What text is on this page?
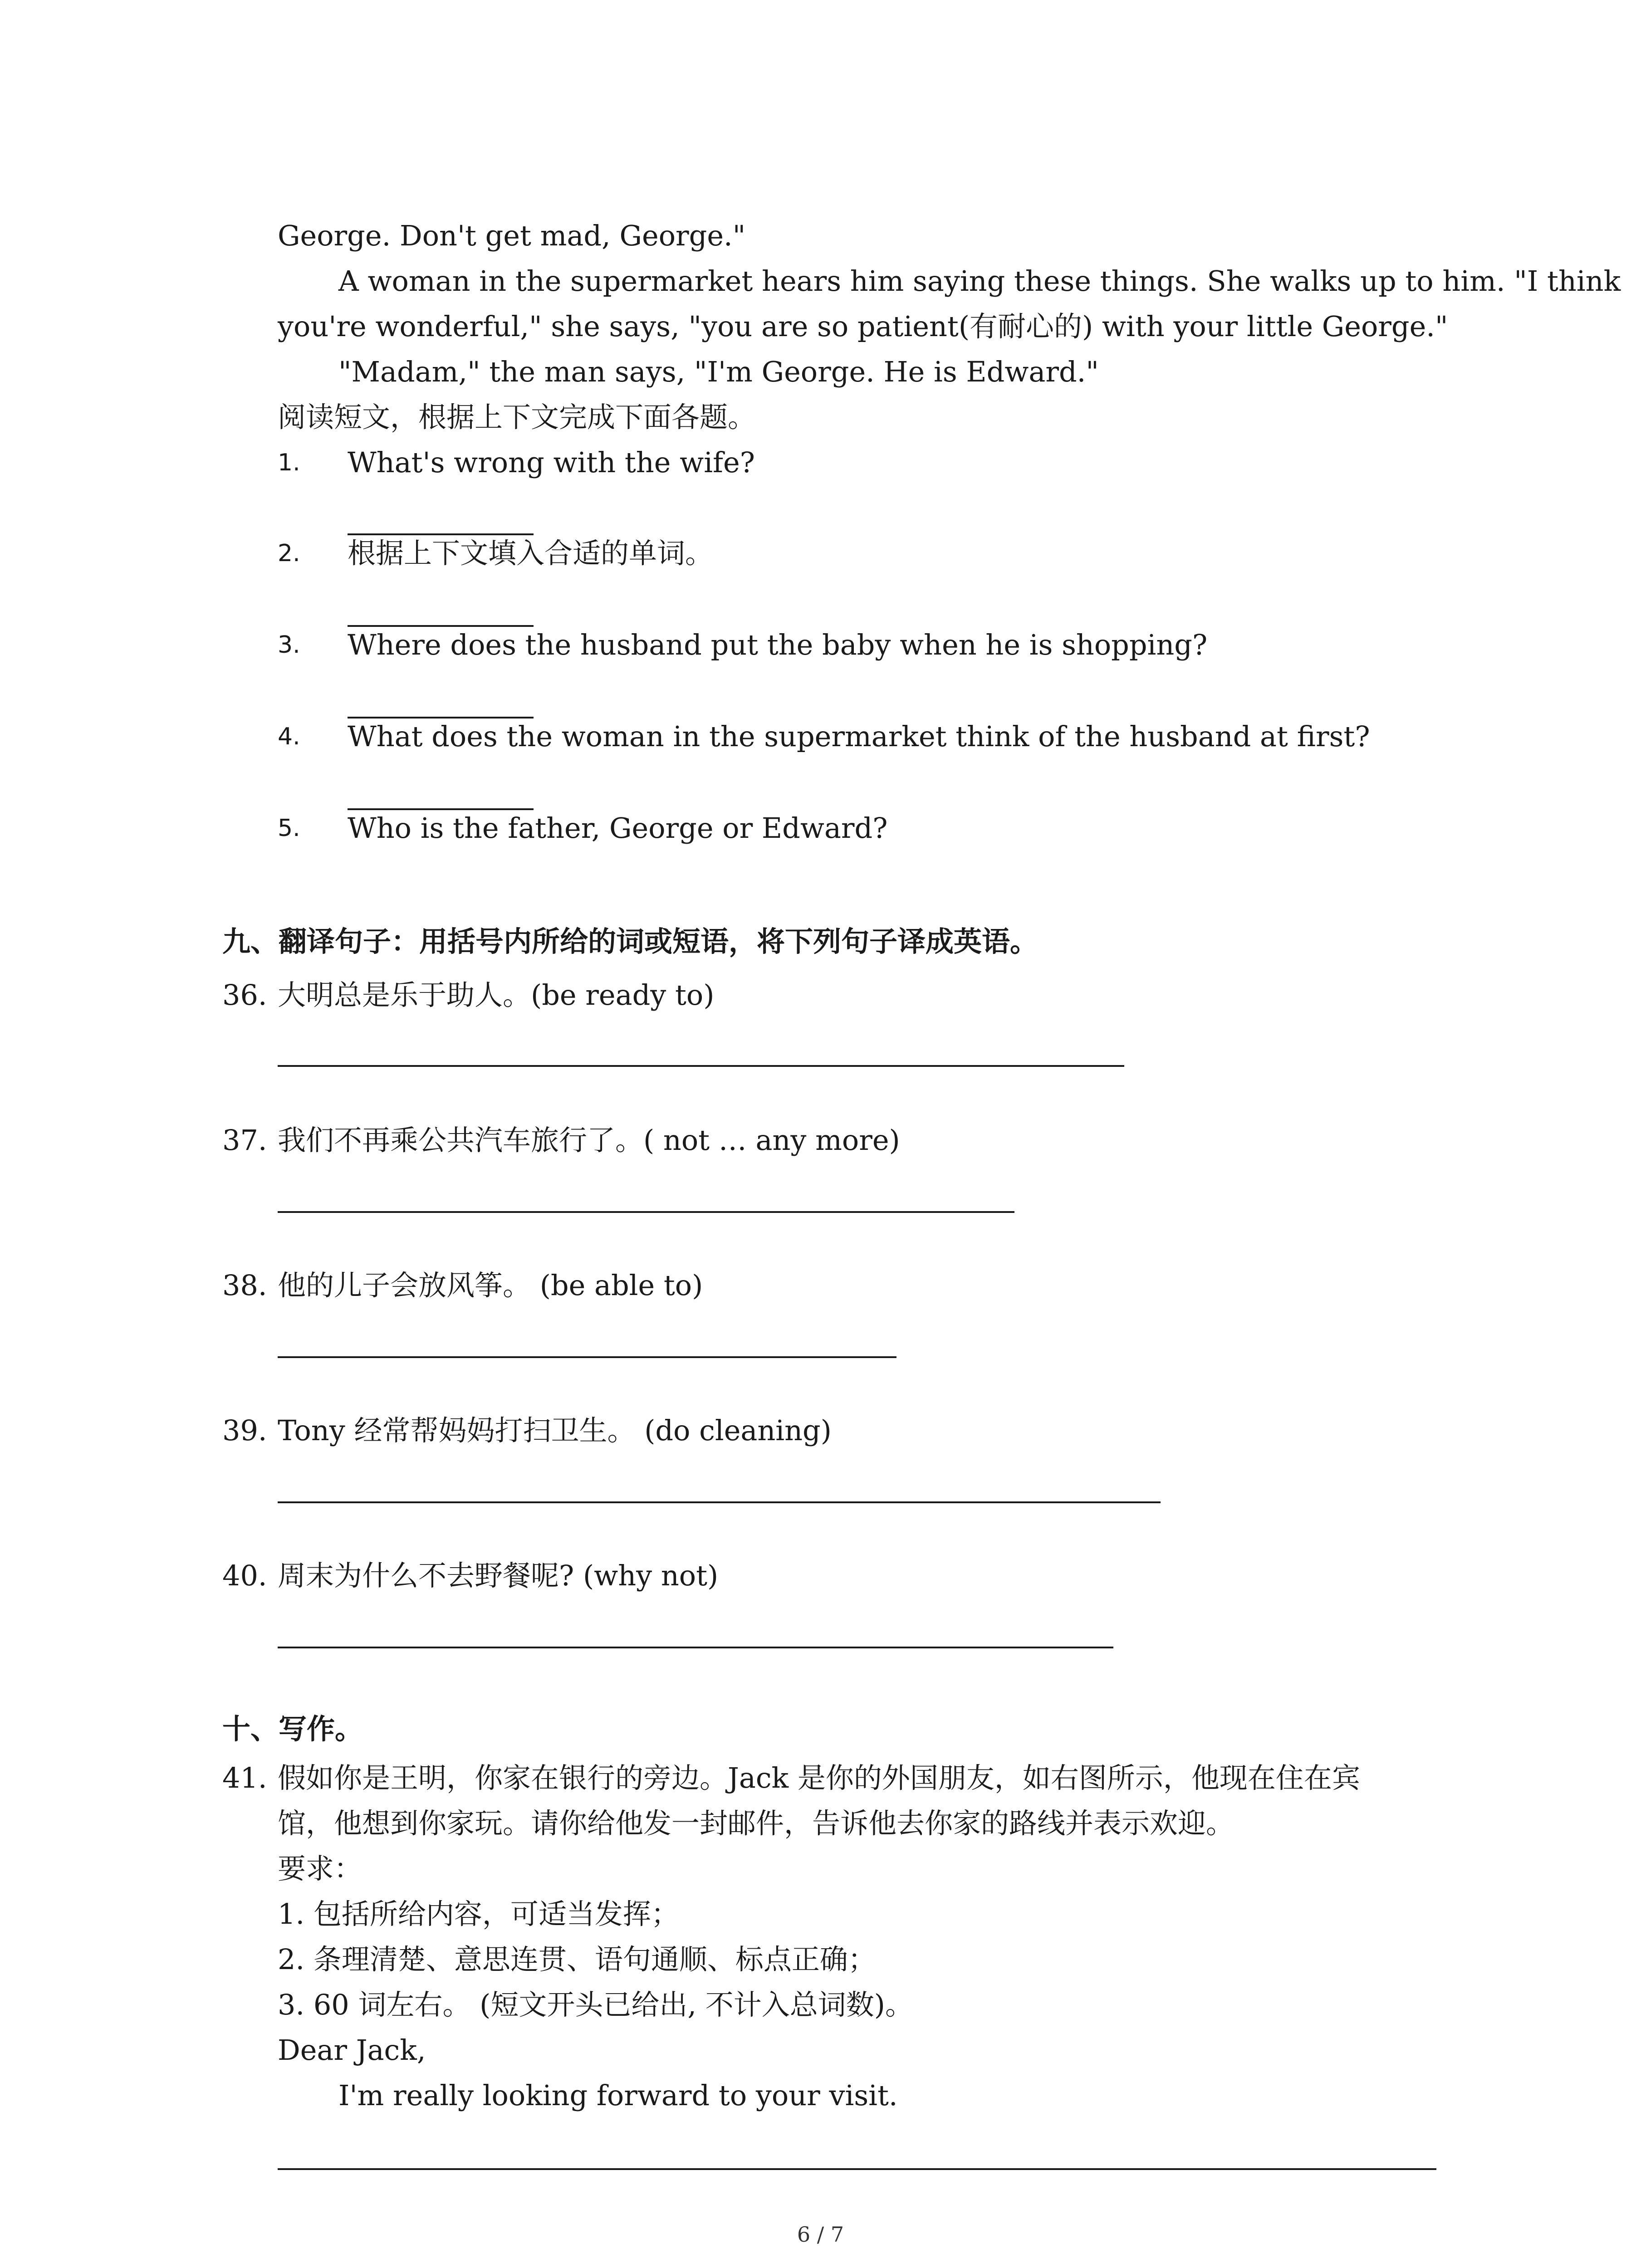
George. Don't get mad, George."
A woman in the supermarket hears him saying these things. She walks up to him. "I think
you're wonderful," she says, "you are so patient(有耐心的) with your little George."
"Madam," the man says, "I'm George. He is Edward."
阅读短文，根据上下文完成下面各题。
1. What's wrong with the wife?
2. 根据上下文填入合适的单词。
3. Where does the husband put the baby when he is shopping?
4. What does the woman in the supermarket think of the husband at first?
5. Who is the father, George or Edward?
九、翻译句子：用括号内所给的词或短语，将下列句子译成英语。
36. 大明总是乐于助人。(be ready to)
37. 我们不再乘公共汽车旅行了。( not … any more)
38. 他的儿子会放风筝。 (be able to)
39. Tony 经常帮妈妈打扫卫生。 (do cleaning)
40. 周末为什么不去野餐呢? (why not)
十、写作。
41. 假如你是王明，你家在银行的旁边。Jack 是你的外国朋友，如右图所示，他现在住在宾
馆，他想到你家玩。请你给他发一封邮件，告诉他去你家的路线并表示欢迎。
要求：
1. 包括所给内容，可适当发挥；
2. 条理清楚、意思连贯、语句通顺、标点正确；
3. 60 词左右。 (短文开头已给出, 不计入总词数)。
Dear Jack,
I'm really looking forward to your visit.
6 / 7
